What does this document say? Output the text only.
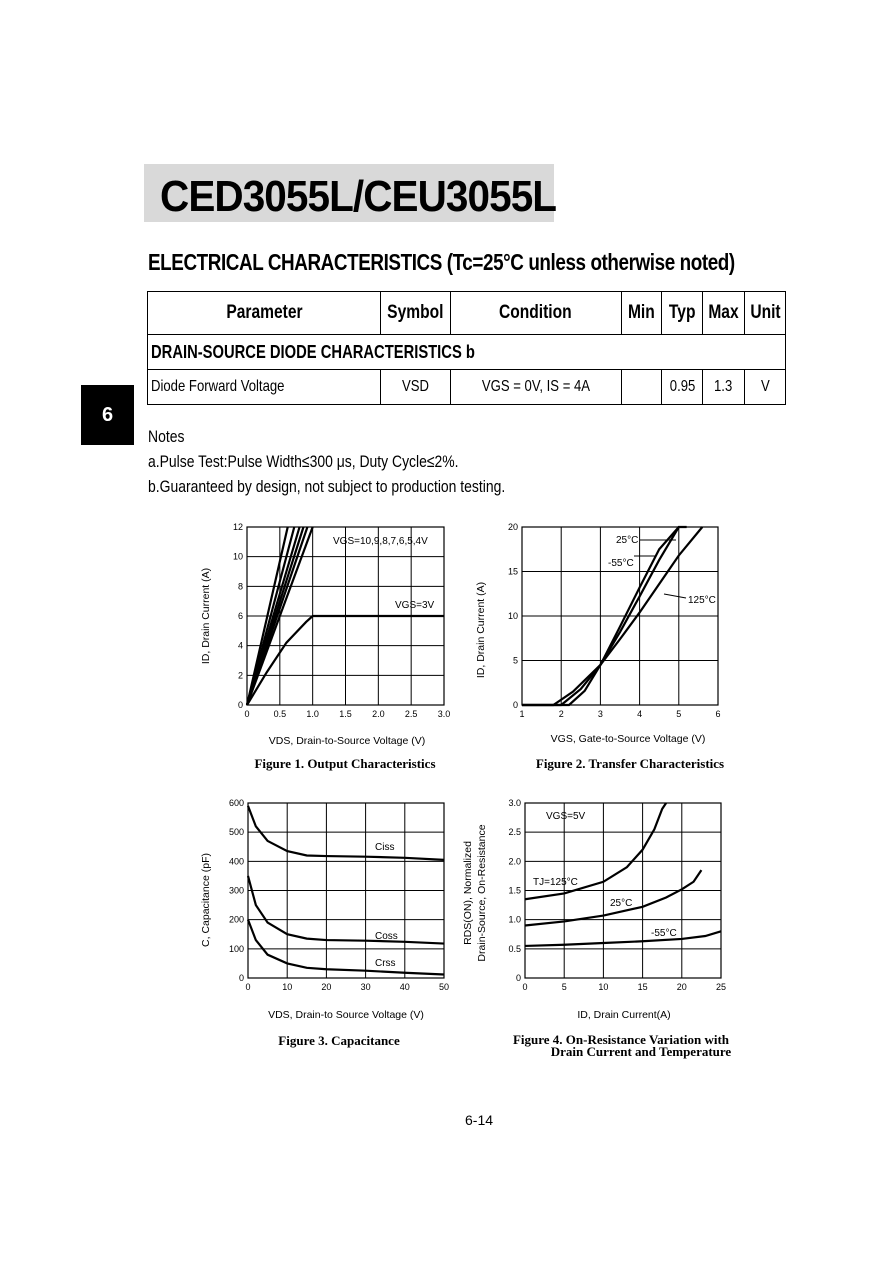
CED3055L/CEU3055L
ELECTRICAL CHARACTERISTICS (Tc=25°C unless otherwise noted)
6
Parameter	Symbol	Condition	Min	Typ	Max	Unit
DRAIN-SOURCE DIODE CHARACTERISTICS b						
Diode Forward Voltage	VSD	VGS = 0V, IS = 4A		0.95	1.3	V
Notes
a.Pulse Test:Pulse Width≤300 μs, Duty Cycle≤2%.
b.Guaranteed by design, not subject to production testing.
0	0.5 1.0 1.5 2.0 2.5 3.0
0
2
4
6
8
10
12
VGS=10,9,8,7,6,5,4V
VGS=3V
VDS, Drain-to-Source Voltage (V)
ID, Drain Current (A)
Figure 1. Output Characteristics
1	2	3	4	5	6
0
5
10
15
20
25°C
-55°C
125°C
VGS, Gate-to-Source Voltage (V)
ID, Drain Current (A)
Figure 2. Transfer Characteristics
0	10	20	30	40	50
0
100
200
300
400
500
600
Ciss
Coss
Crss
VDS, Drain-to Source Voltage (V)
C, Capacitance (pF)
Figure 3. Capacitance
0	5	10	15	20	25
0
0.5
1.0
1.5
2.0
2.5
3.0
VGS=5V
TJ=125°C
25°C
-55°C
ID, Drain Current(A)
RDS(ON), Normalized Drain-Source, On-Resistance
Figure 4. On-Resistance Variation with
Drain Current and Temperature
6-14
